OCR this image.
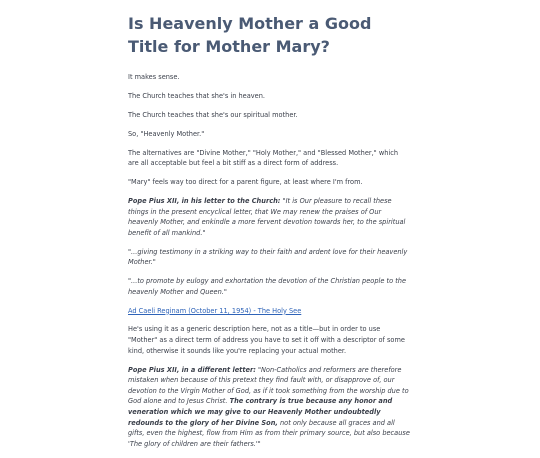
Is Heavenly Mother a Good Title for Mother Mary?

It makes sense.

The Church teaches that she's in heaven.

The Church teaches that she's our spiritual mother.

So, "Heavenly Mother."

The alternatives are "Divine Mother," "Holy Mother," and "Blessed Mother," which are all acceptable but feel a bit stiff as a direct form of address.

"Mary" feels way too direct for a parent figure, at least where I'm from.

Pope Pius XII, in his letter to the Church: "It is Our pleasure to recall these things in the present encyclical letter, that We may renew the praises of Our heavenly Mother, and enkindle a more fervent devotion towards her, to the spiritual benefit of all mankind."

"...giving testimony in a striking way to their faith and ardent love for their heavenly Mother."

"...to promote by eulogy and exhortation the devotion of the Christian people to the heavenly Mother and Queen."

Ad Caeli Reginam (October 11, 1954) - The Holy See

He's using it as a generic description here, not as a title—but in order to use "Mother" as a direct term of address you have to set it off with a descriptor of some kind, otherwise it sounds like you're replacing your actual mother.

Pope Pius XII, in a different letter: "Non-Catholics and reformers are therefore mistaken when because of this pretext they find fault with, or disapprove of, our devotion to the Virgin Mother of God, as if it took something from the worship due to God alone and to Jesus Christ. The contrary is true because any honor and veneration which we may give to our Heavenly Mother undoubtedly redounds to the glory of her Divine Son, not only because all graces and all gifts, even the highest, flow from Him as from their primary source, but also because 'The glory of children are their fathers.'"
